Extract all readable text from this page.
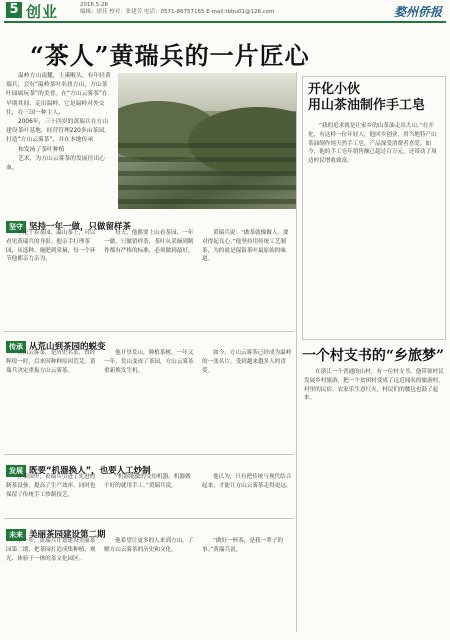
5 创业	2016.5.28
编辑：徐佳 校对：张建芳 电话：0571-86757165 E-mail:tbbu01@126.com	婺州侨报
“茶人”黄瑞兵的一片匠心
温岭方山南麓，土溪畈头，有年轻黄瑞兵，会有“温岭茶叶名扭方山，方山茶叶园属玩茶”的美誉。在“方山云雾茶”在早期其间，走出温岭，它是温岭对外交往，在三国一种主人。
2006年，三十四岁的黄瑞兵在方山建设茶叶基地，经营管理220多亩茶园，打造“方山云雾茶”，并在本地传承
和发扬了茶叶种植
艺术，为方山云雾茶的发展付出心血。
坚守 坚持一年一做，只做留样茶
不论干着茶园、温山茶上，可以看见黄瑞兵的身影。他亲手打理茶园，从选种、施肥到采摘，每一个环节他都亲力亲为。
每天，他都要上山看茶园，一年一做，只做留样茶，茶叶从采摘到制作都有严格的标准，必须做到最好。
黄瑞兵说：“做茶就像做人，要对得起良心。”他坚持用传统工艺制茶，为的就是保留茶叶最原始的味道。
传承 从荒山到茶园的蜕变
方山云雾茶，是历史名茶，曾经辉煌一时，后来因种种原因荒芜。黄瑞兵决定重振方山云雾茶。
他开垦荒山，种植茶树，一年又一年，荒山变成了茶园，方山云雾茶重新焕发生机。
如今，方山云雾茶已经成为温岭的一张名片，受到越来越多人的喜爱。
发展 既要“机器换人”，也要人工炒制
在茶园里，黄瑞兵引进了先进的制茶设备，提高了生产效率，同时也保留了传统手工炒制技艺。
“机器能做的交给机器，机器做不好的就用手工。”黄瑞兵说。
他认为，只有把传统与现代结合起来，才能让方山云雾茶走得更远。
未来 美丽茶园建设第二期
下一步，黄瑞兵计划建设美丽茶园第二期，把茶园打造成集种植、观光、体验于一体的茶文化园区。
他希望让更多的人来到方山，了解方山云雾茶的历史和文化。
“做好一杯茶，是我一辈子的事。”黄瑞兵说。
开化小伙
用山茶油制作手工皂
“我的追求就是让家乡的山茶油走出大山。”在开化，有这样一位年轻人，他回乡创业，用当地特产山茶油制作纯天然手工皂，产品深受消费者喜爱。如今，他的手工皂年销售额已超过百万元，还带动了周边村民增收致富。
一个村支书的“乡旅梦”
在浙江一个普通的山村，有一位村支书，他带领村民发展乡村旅游，把一个贫困村变成了远近闻名的旅游村。村里的民宿、农家乐生意红火，村民们的腰包也鼓了起来。
